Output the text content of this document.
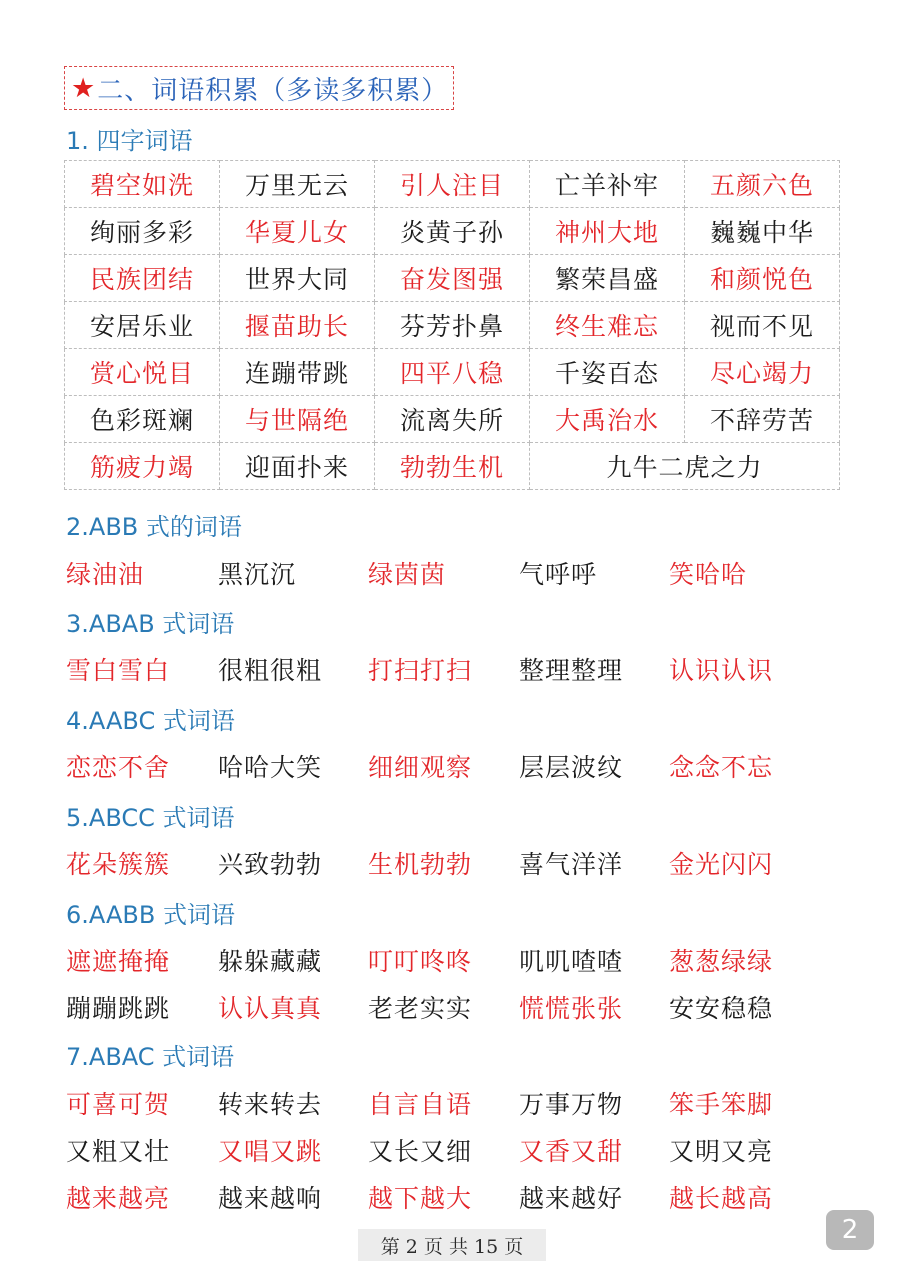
★ 二、词语积累（多读多积累）
1. 四字词语
碧空如洗	万里无云	引人注目	亡羊补牢	五颜六色
绚丽多彩	华夏儿女	炎黄子孙	神州大地	巍巍中华
民族团结	世界大同	奋发图强	繁荣昌盛	和颜悦色
安居乐业	揠苗助长	芬芳扑鼻	终生难忘	视而不见
赏心悦目	连蹦带跳	四平八稳	千姿百态	尽心竭力
色彩斑斓	与世隔绝	流离失所	大禹治水	不辞劳苦
筋疲力竭	迎面扑来	勃勃生机	九牛二虎之力	
2.ABB 式的词语
绿油油	黑沉沉	绿茵茵	气呼呼	笑哈哈
3.ABAB 式词语
雪白雪白 很粗很粗 打扫打扫 整理整理 认识认识
4.AABC 式词语
恋恋不舍 哈哈大笑 细细观察 层层波纹 念念不忘
5.ABCC 式词语
花朵簇簇 兴致勃勃 生机勃勃 喜气洋洋 金光闪闪
6.AABB 式词语
遮遮掩掩 躲躲藏藏 叮叮咚咚 叽叽喳喳 葱葱绿绿
蹦蹦跳跳 认认真真 老老实实 慌慌张张 安安稳稳
7.ABAC 式词语
可喜可贺 转来转去 自言自语 万事万物 笨手笨脚
又粗又壮 又唱又跳 又长又细 又香又甜 又明又亮
越来越亮 越来越响 越下越大 越来越好 越长越高
第 2 页 共 15 页
2
